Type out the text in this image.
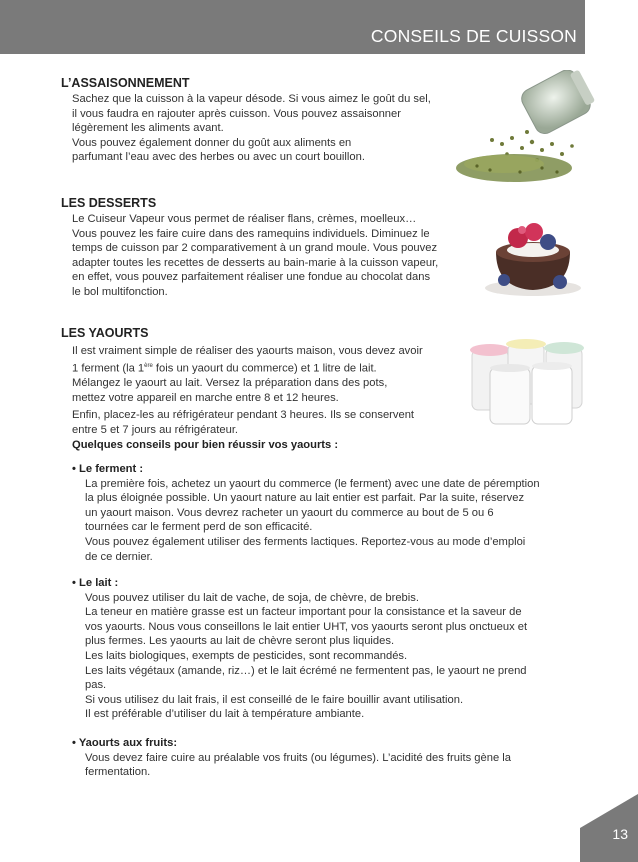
CONSEILS DE CUISSON
L’ASSAISONNEMENT

Sachez que la cuisson à la vapeur désode. Si vous aimez le goût du sel,

il vous faudra en rajouter après cuisson. Vous pouvez assaisonner

légèrement les aliments avant.

Vous pouvez également donner du goût aux aliments en

parfumant l’eau avec des herbes ou avec un court bouillon.

LES DESSERTS

Le Cuiseur Vapeur vous permet de réaliser flans, crèmes, moelleux…

Vous pouvez les faire cuire dans des ramequins individuels. Diminuez le

temps de cuisson par 2 comparativement à un grand moule. Vous pouvez

adapter toutes les recettes de desserts au bain-marie à la cuisson vapeur,

en effet, vous pouvez parfaitement réaliser une fondue au chocolat dans

le bol multifonction.

LES YAOURTS

Il est vraiment simple de réaliser des yaourts maison, vous devez avoir

1 ferment (la 1ère fois un yaourt du commerce) et 1 litre de lait.

Mélangez le yaourt au lait. Versez la préparation dans des pots,

mettez votre appareil en marche entre 8 et 12 heures.

Enfin, placez-les au réfrigérateur pendant 3 heures. Ils se conservent

entre 5 et 7 jours au réfrigérateur.

Quelques conseils pour bien réussir vos yaourts :

• Le ferment :

La première fois, achetez un yaourt du commerce (le ferment) avec une date de péremption

la plus éloignée possible. Un yaourt nature au lait entier est parfait. Par la suite, réservez

un yaourt maison. Vous devrez racheter un yaourt du commerce au bout de 5 ou 6

tournées car le ferment perd de son efficacité.

Vous pouvez également utiliser des ferments lactiques. Reportez-vous au mode d’emploi

de ce dernier.

• Le lait :

Vous pouvez utiliser du lait de vache, de soja, de chèvre, de brebis.

La teneur en matière grasse est un facteur important pour la consistance et la saveur de

vos yaourts. Nous vous conseillons le lait entier UHT, vos yaourts seront plus onctueux et

plus fermes. Les yaourts au lait de chèvre seront plus liquides.

Les laits biologiques, exempts de pesticides, sont recommandés.

Les laits végétaux (amande, riz…) et le lait écrémé ne fermentent pas, le yaourt ne prend

pas.

Si vous utilisez du lait frais, il est conseillé de le faire bouillir avant utilisation.

Il est préférable d’utiliser du lait à température ambiante.

• Yaourts aux fruits:

Vous devez faire cuire au préalable vos fruits (ou légumes). L’acidité des fruits gène la

fermentation.

13
